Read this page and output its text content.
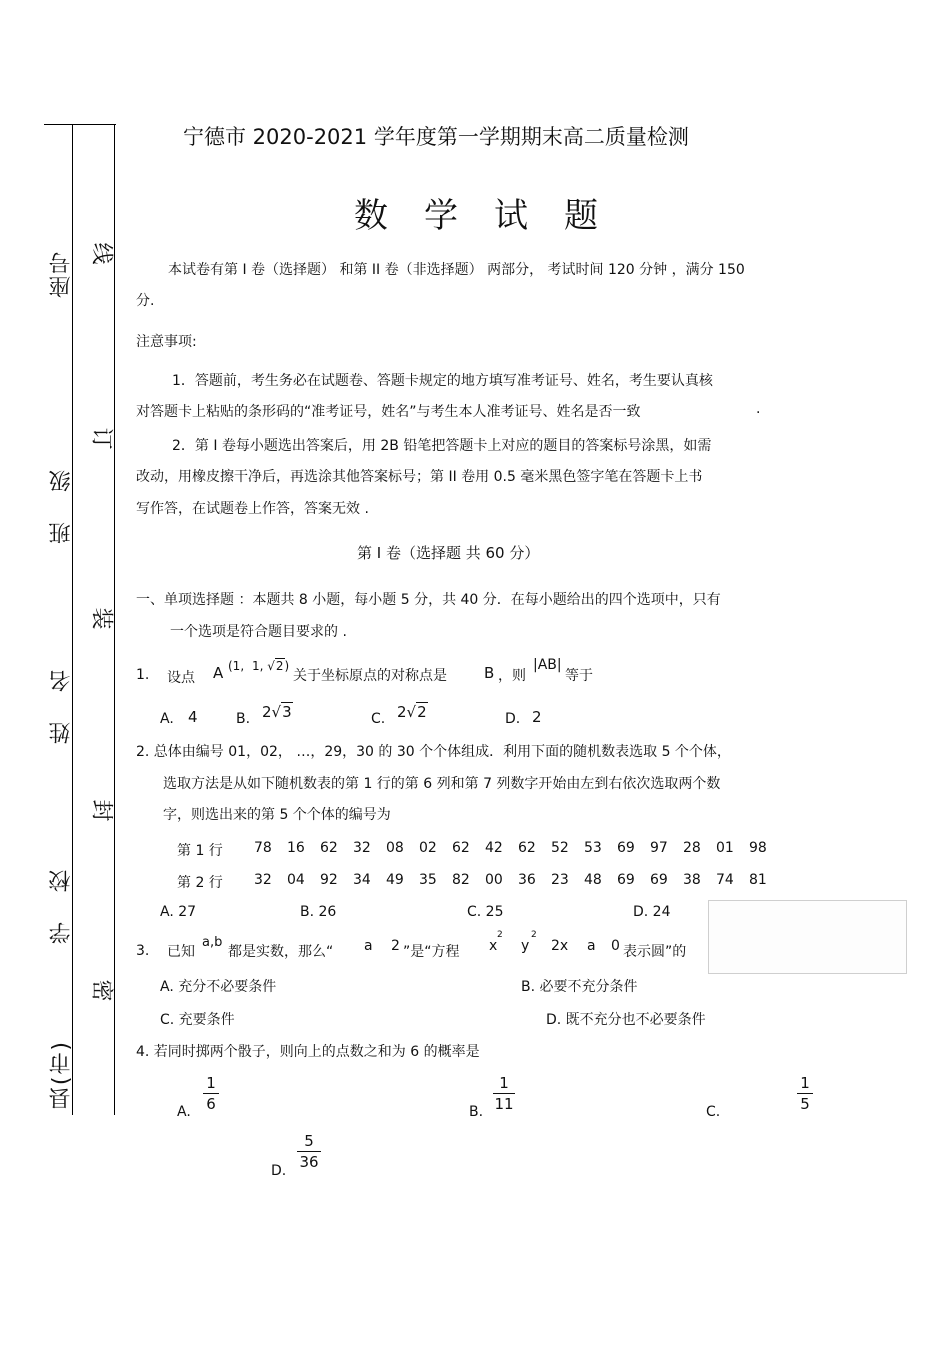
座号
班级
姓名
学校
县(市)
线
订
装
封
密
宁德市 2020-2021 学年度第一学期期末高二质量检测
数学试题
本试卷有第 I 卷（选择题） 和第 II 卷（非选择题） 两部分， 考试时间 120 分钟 ，满分 150
分.
注意事项:
1．答题前，考生务必在试题卷、答题卡规定的地方填写准考证号、姓名，考生要认真核
对答题卡上粘贴的条形码的“准考证号，姓名”与考生本人准考证号、姓名是否一致	.
2．第 I 卷每小题选出答案后，用 2B 铅笔把答题卡上对应的题目的答案标号涂黑，如需
改动，用橡皮擦干净后，再选涂其他答案标号；第 II 卷用 0.5 毫米黑色签字笔在答题卡上书
写作答，在试题卷上作答，答案无效 .
第 I 卷（选择题 共 60 分）
一、单项选择题 ：本题共 8 小题，每小题 5 分，共 40 分．在每小题给出的四个选项中，只有
一个选项是符合题目要求的 .
1. 设点 A (1, 1, √2)
关于坐标原点的对称点是 B ，则
|AB|
等于
A. 4	B. 2√3	C. 2√2	D. 2
2. 总体由编号 01，02， …，29，30 的 30 个个体组成．利用下面的随机数表选取 5 个个体，
选取方法是从如下随机数表的第 1 行的第 6 列和第 7 列数字开始由左到右依次选取两个数
字，则选出来的第 5 个个体的编号为
第 1 行 78 16 62 32 08 02 62 42 62 52 53 69 97 28 01 98
第 2 行 32 04 92 34 49 35 82 00 36 23 48 69 69 38 74 81
A. 27	B. 26	C. 25	D. 24
3. 已知
a,b
都是实数，那么“ a 2 ”是“方程 x
2
y
2
2x a 0 表示圆”的
A. 充分不必要条件	B. 必要不充分条件
C. 充要条件	D. 既不充分也不必要条件
4. 若同时掷两个骰子，则向上的点数之和为 6 的概率是
A.
1
6	B.
1
11	C.
1
5
D.
5
36
